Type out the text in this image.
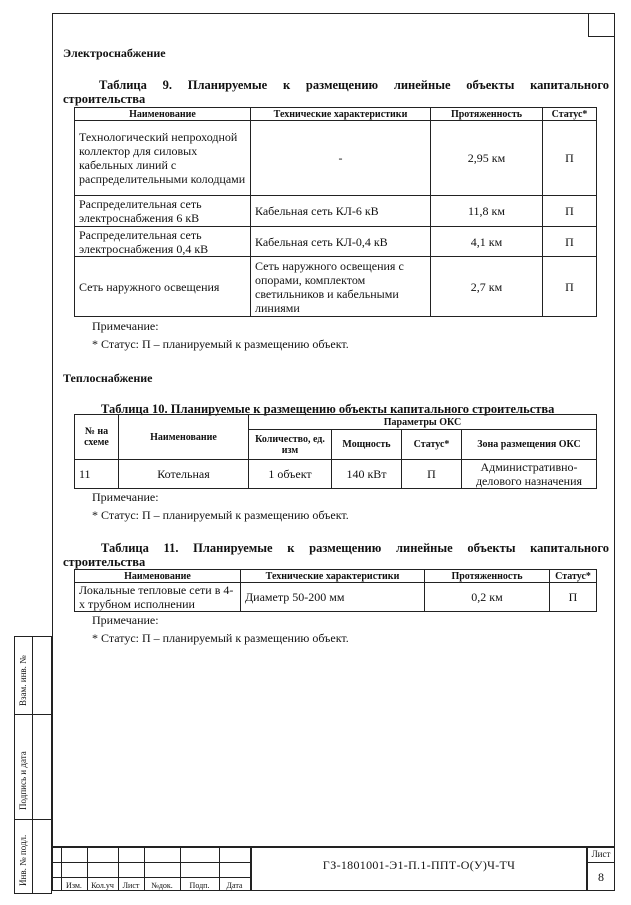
Электроснабжение
Таблица 9. Планируемые к размещению линейные объекты капитального
строительства
Наименование	Технические характеристики	Протяженность	Статус*
Технологический непроходной коллектор для силовых кабельных линий с распределительными колодцами	-	2,95 км	П
Распределительная сеть электроснабжения 6 кВ	Кабельная сеть КЛ-6 кВ	11,8 км	П
Распределительная сеть электроснабжения 0,4 кВ	Кабельная сеть КЛ-0,4 кВ	4,1 км	П
Сеть наружного освещения	Сеть наружного освещения с опорами, комплектом светильников и кабельными линиями	2,7 км	П
Примечание:
* Статус: П – планируемый к размещению объект.
Теплоснабжение
Таблица 10. Планируемые к размещению объекты капитального строительства
№ на схеме	Наименование	Параметры ОКС			
		Количество, ед. изм	Мощность	Статус*	Зона размещения ОКС
11	Котельная	1 объект	140 кВт	П	Административно-делового назначения
Примечание:
* Статус: П – планируемый к размещению объект.
Таблица 11. Планируемые к размещению линейные объекты капитального
строительства
Наименование	Технические характеристики	Протяженность	Статус*
Локальные тепловые сети в 4-х трубном исполнении	Диаметр 50-200 мм	0,2 км	П
Примечание:
* Статус: П – планируемый к размещению объект.
Взам. инв. №
Подпись и дата
Инв. № подл.	Изм.	Кол.уч	Лист	№док.	Подп.	Дата
ГЗ-1801001-Э1-П.1-ППТ-О(У)Ч-ТЧ
Лист
8
